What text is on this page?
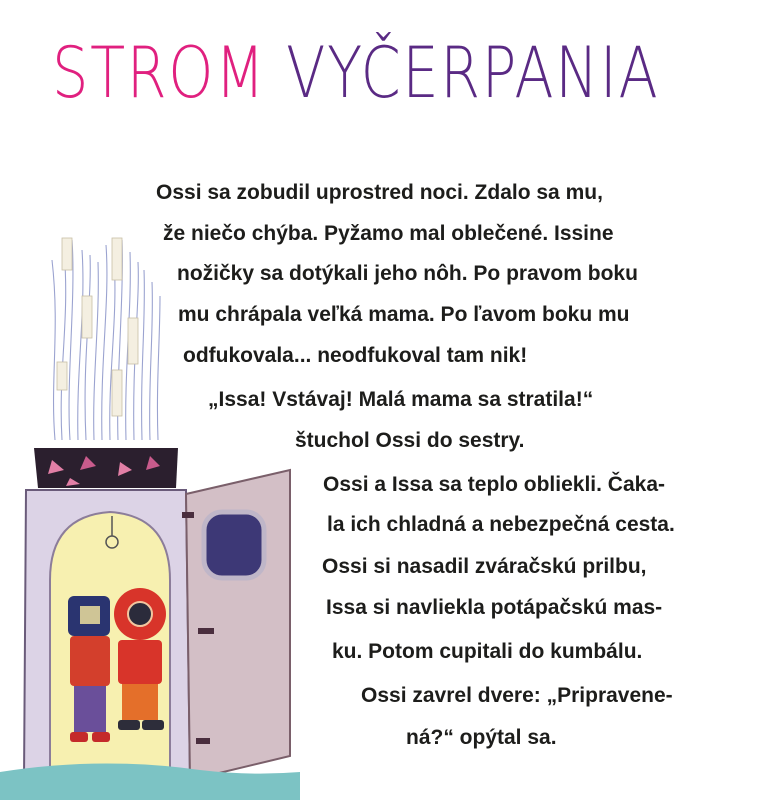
STROM VYČERPANIA
Ossi sa zobudil uprostred noci. Zdalo sa mu,
že niečo chýba. Pyžamo mal oblečené. Issine
nožičky sa dotýkali jeho nôh. Po pravom boku
mu chrápala veľká mama. Po ľavom boku mu
odfukovala... neodfukoval tam nik!
„Issa! Vstávaj! Malá mama sa stratila!“
štuchol Ossi do sestry.
Ossi a Issa sa teplo obliekli. Čaka-
la ich chladná a nebezpečná cesta.
Ossi si nasadil zváračskú prilbu,
Issa si navliekla potápačskú mas-
ku. Potom cupitali do kumbálu.
Ossi zavrel dvere: „Pripravene-
ná?“ opýtal sa.
